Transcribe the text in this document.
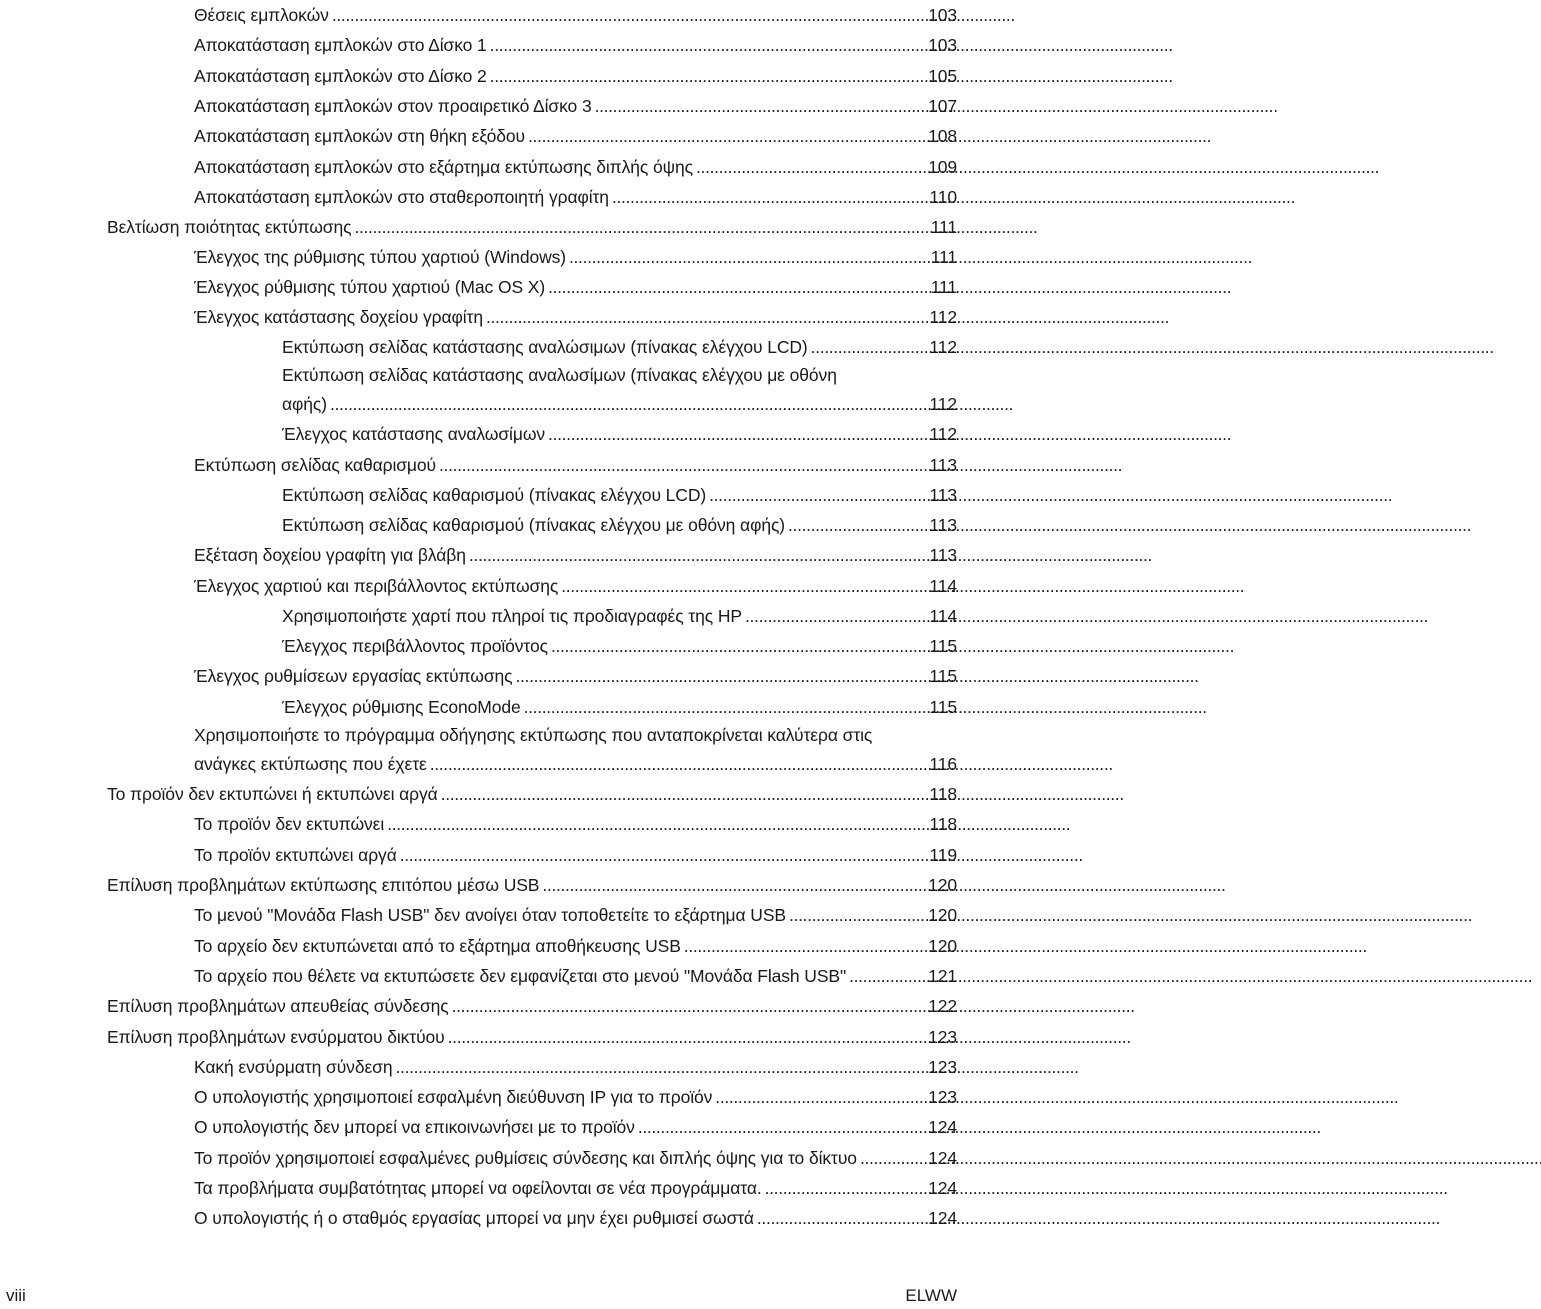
Θέσεις εμπλοκών . . .	103
Αποκατάσταση εμπλοκών στο Δίσκο 1 . . .	103
Αποκατάσταση εμπλοκών στο Δίσκο 2 . . .	105
Αποκατάσταση εμπλοκών στον προαιρετικό Δίσκο 3 . . .	107
Αποκατάσταση εμπλοκών στη θήκη εξόδου . . .	108
Αποκατάσταση εμπλοκών στο εξάρτημα εκτύπωσης διπλής όψης . . .	109
Αποκατάσταση εμπλοκών στο σταθεροποιητή γραφίτη . . .	110
Βελτίωση ποιότητας εκτύπωσης . . .	111
Έλεγχος της ρύθμισης τύπου χαρτιού (Windows) . . .	111
Έλεγχος ρύθμισης τύπου χαρτιού (Mac OS X) . . .	111
Έλεγχος κατάστασης δοχείου γραφίτη . . .	112
Εκτύπωση σελίδας κατάστασης αναλώσιμων (πίνακας ελέγχου LCD) . . .	112
Εκτύπωση σελίδας κατάστασης αναλωσίμων (πίνακας ελέγχου με οθόνη
αφής) . . .	112
Έλεγχος κατάστασης αναλωσίμων . . .	112
Εκτύπωση σελίδας καθαρισμού . . .	113
Εκτύπωση σελίδας καθαρισμού (πίνακας ελέγχου LCD) . . .	113
Εκτύπωση σελίδας καθαρισμού (πίνακας ελέγχου με οθόνη αφής) . . .	113
Εξέταση δοχείου γραφίτη για βλάβη . . .	113
Έλεγχος χαρτιού και περιβάλλοντος εκτύπωσης . . .	114
Χρησιμοποιήστε χαρτί που πληροί τις προδιαγραφές της HP . . .	114
Έλεγχος περιβάλλοντος προϊόντος . . .	115
Έλεγχος ρυθμίσεων εργασίας εκτύπωσης . . .	115
Έλεγχος ρύθμισης EconoMode . . .	115
Χρησιμοποιήστε το πρόγραμμα οδήγησης εκτύπωσης που ανταποκρίνεται καλύτερα στις
ανάγκες εκτύπωσης που έχετε . . .	116
Το προϊόν δεν εκτυπώνει ή εκτυπώνει αργά . . .	118
Το προϊόν δεν εκτυπώνει . . .	118
Το προϊόν εκτυπώνει αργά . . .	119
Επίλυση προβλημάτων εκτύπωσης επιτόπου μέσω USB . . .	120
Το μενού "Μονάδα Flash USB" δεν ανοίγει όταν τοποθετείτε το εξάρτημα USB . . .	120
Το αρχείο δεν εκτυπώνεται από το εξάρτημα αποθήκευσης USB . . .	120
Το αρχείο που θέλετε να εκτυπώσετε δεν εμφανίζεται στο μενού "Μονάδα Flash USB" . . .	121
Επίλυση προβλημάτων απευθείας σύνδεσης . . .	122
Επίλυση προβλημάτων ενσύρματου δικτύου . . .	123
Κακή ενσύρματη σύνδεση . . .	123
Ο υπολογιστής χρησιμοποιεί εσφαλμένη διεύθυνση IP για το προϊόν . . .	123
Ο υπολογιστής δεν μπορεί να επικοινωνήσει με το προϊόν . . .	124
Το προϊόν χρησιμοποιεί εσφαλμένες ρυθμίσεις σύνδεσης και διπλής όψης για το δίκτυο . . .	124
Τα προβλήματα συμβατότητας μπορεί να οφείλονται σε νέα προγράμματα. . . .	124
Ο υπολογιστής ή ο σταθμός εργασίας μπορεί να μην έχει ρυθμισεί σωστά . . .	124
viii	ELWW
